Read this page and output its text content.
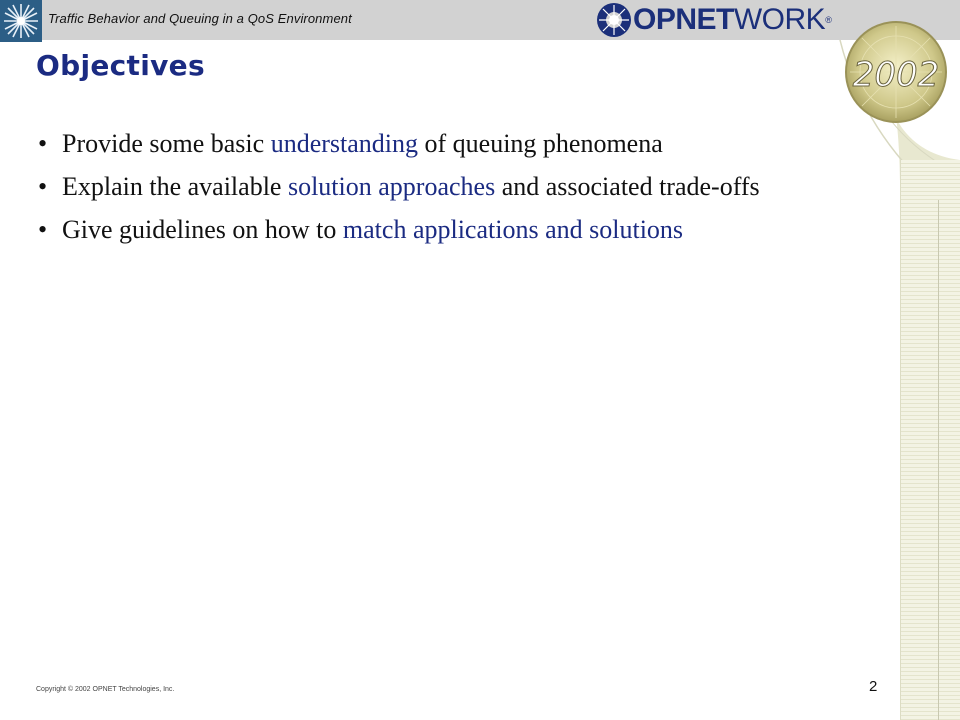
Traffic Behavior and Queuing in a QoS Environment	OPNETWORK®
2002
Objectives
• Provide some basic understanding of queuing phenomena
• Explain the available solution approaches and associated trade-offs
• Give guidelines on how to match applications and solutions
Copyright © 2002 OPNET Technologies, Inc.	2
